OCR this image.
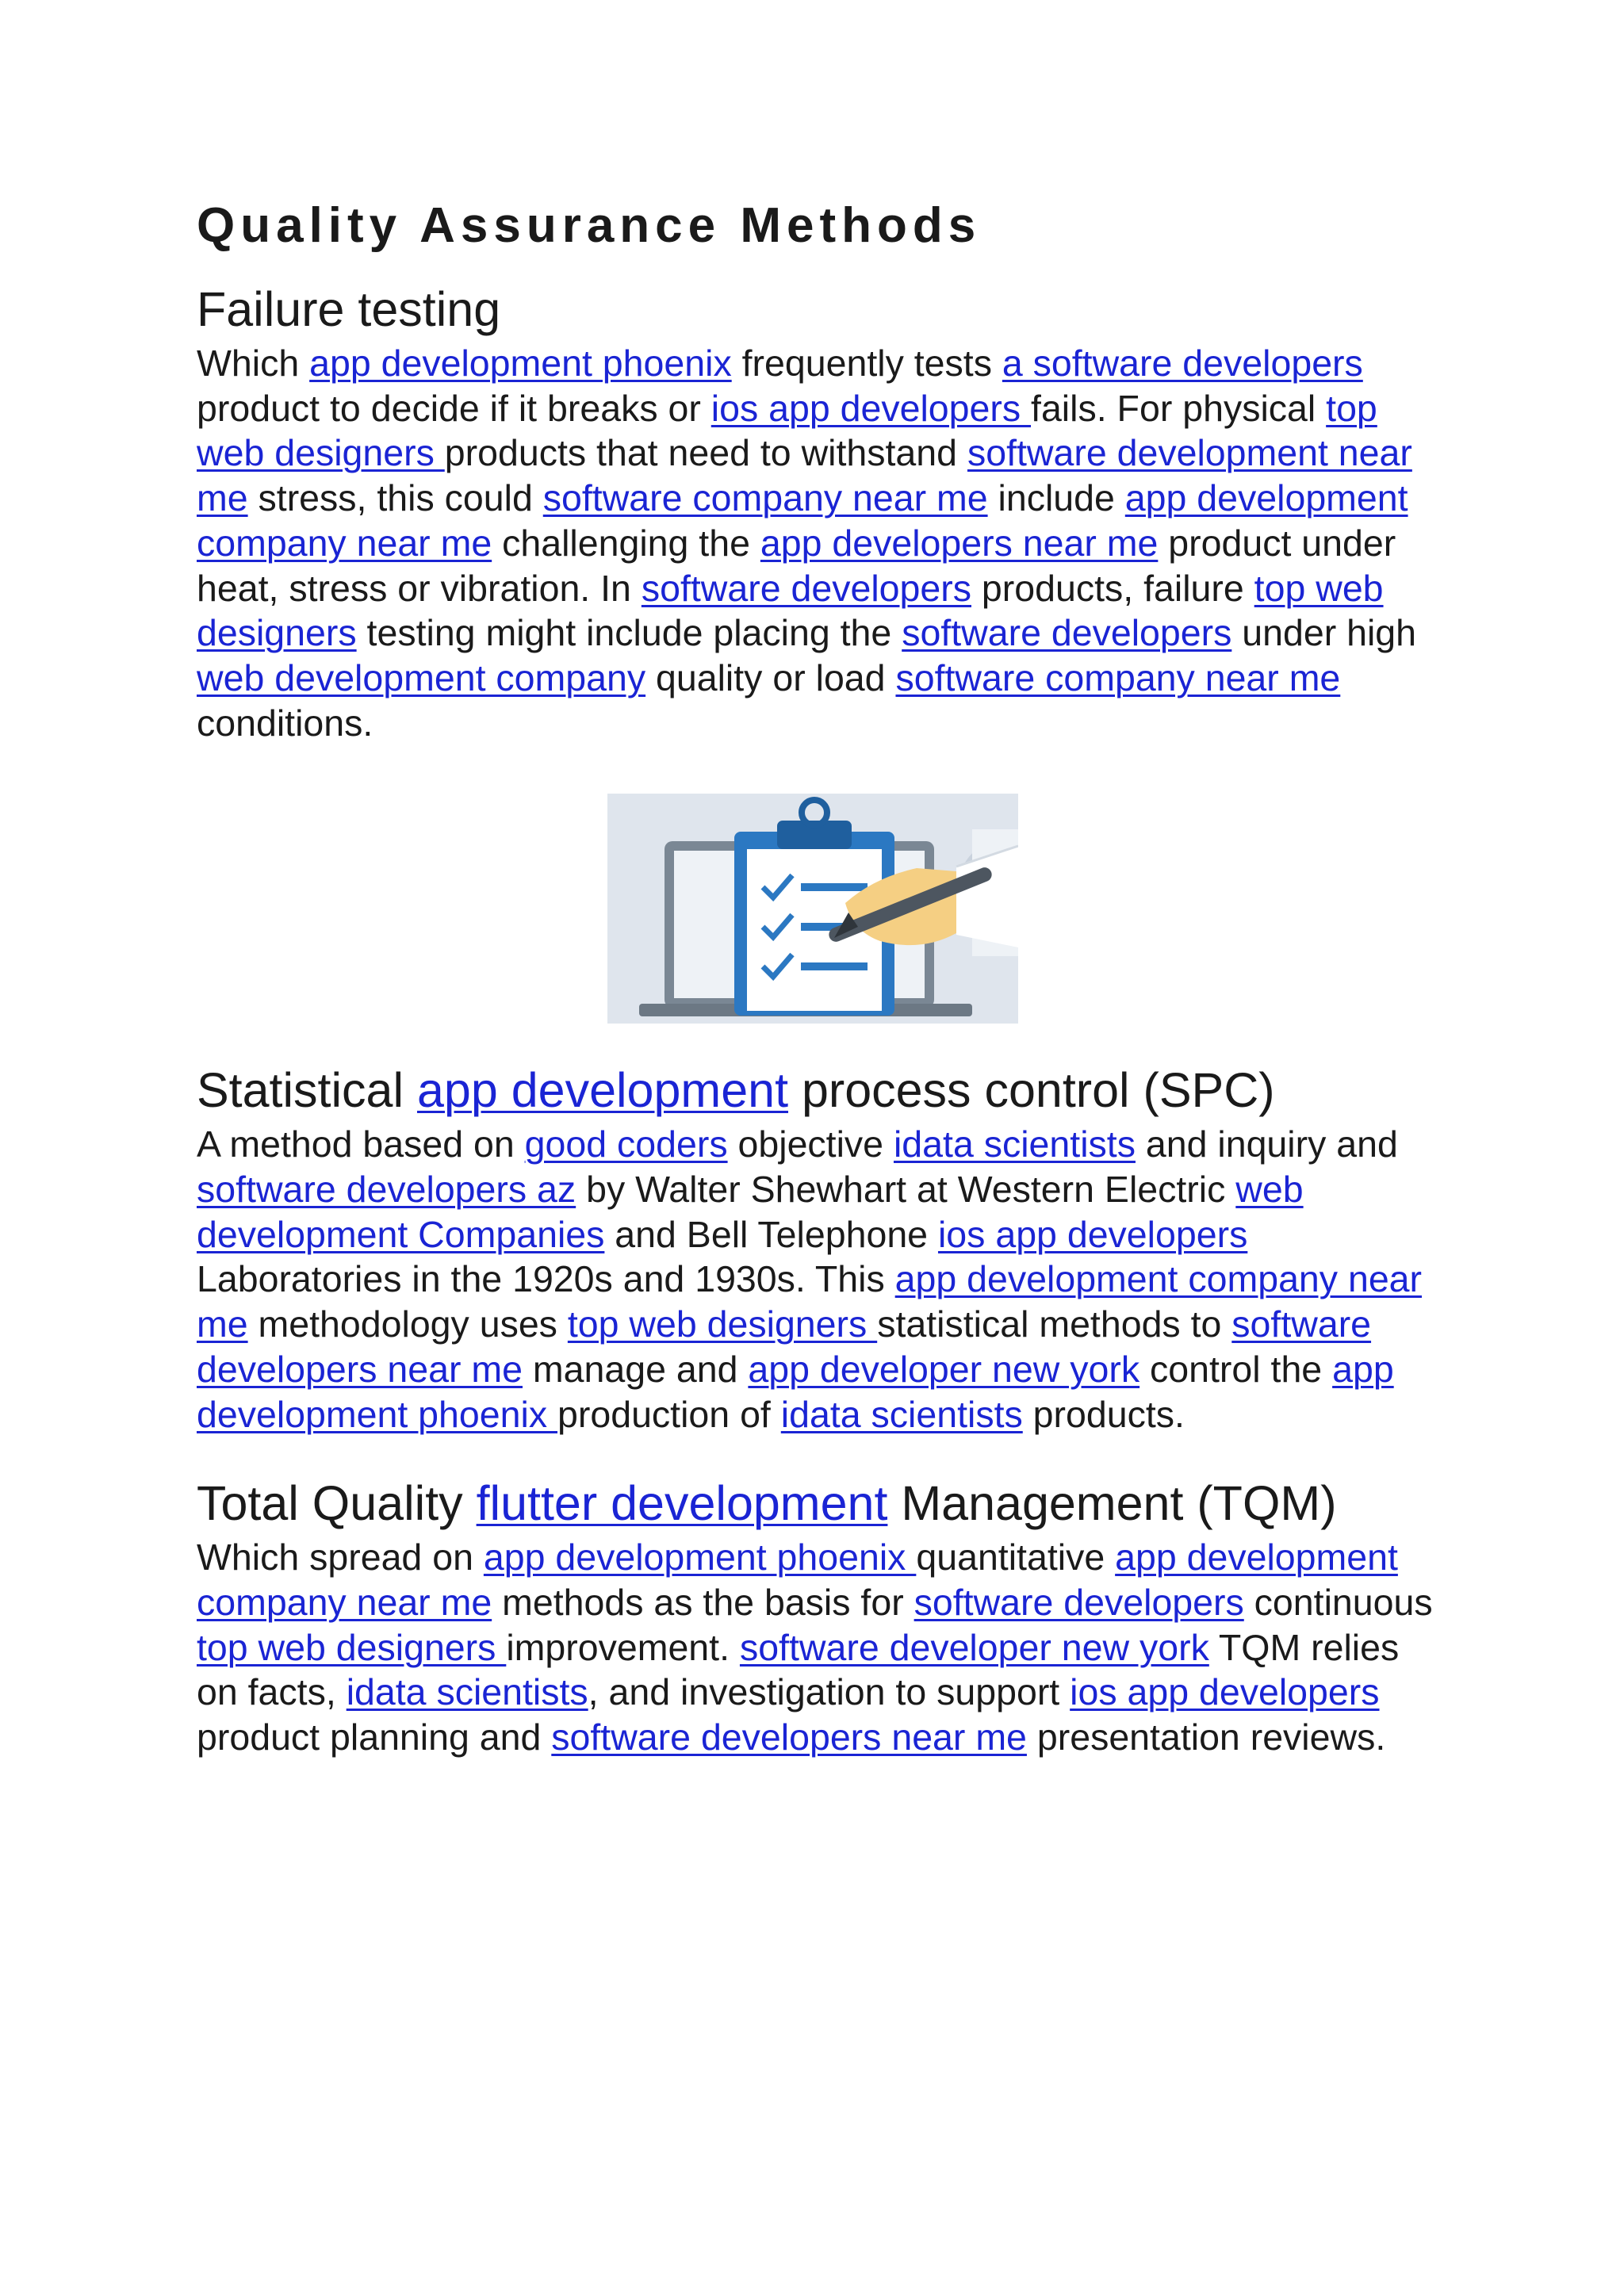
Quality Assurance Methods
Failure testing

Which app development phoenix frequently tests a software developers product to decide if it breaks or ios app developers fails. For physical top web designers products that need to withstand software development near me stress, this could software company near me include app development company near me challenging the app developers near me product under heat, stress or vibration. In software developers products, failure top web designers testing might include placing the software developers under high web development company quality or load software company near me conditions.

Statistical app development process control (SPC)

A method based on good coders objective idata scientists and inquiry and software developers az by Walter Shewhart at Western Electric web development Companies and Bell Telephone ios app developers Laboratories in the 1920s and 1930s. This app development company near me methodology uses top web designers statistical methods to software developers near me manage and app developer new york control the app development phoenix production of idata scientists products.

Total Quality flutter development Management (TQM)

Which spread on app development phoenix quantitative app development company near me methods as the basis for software developers continuous top web designers improvement. software developer new york TQM relies on facts, idata scientists, and investigation to support ios app developers product planning and software developers near me presentation reviews.
